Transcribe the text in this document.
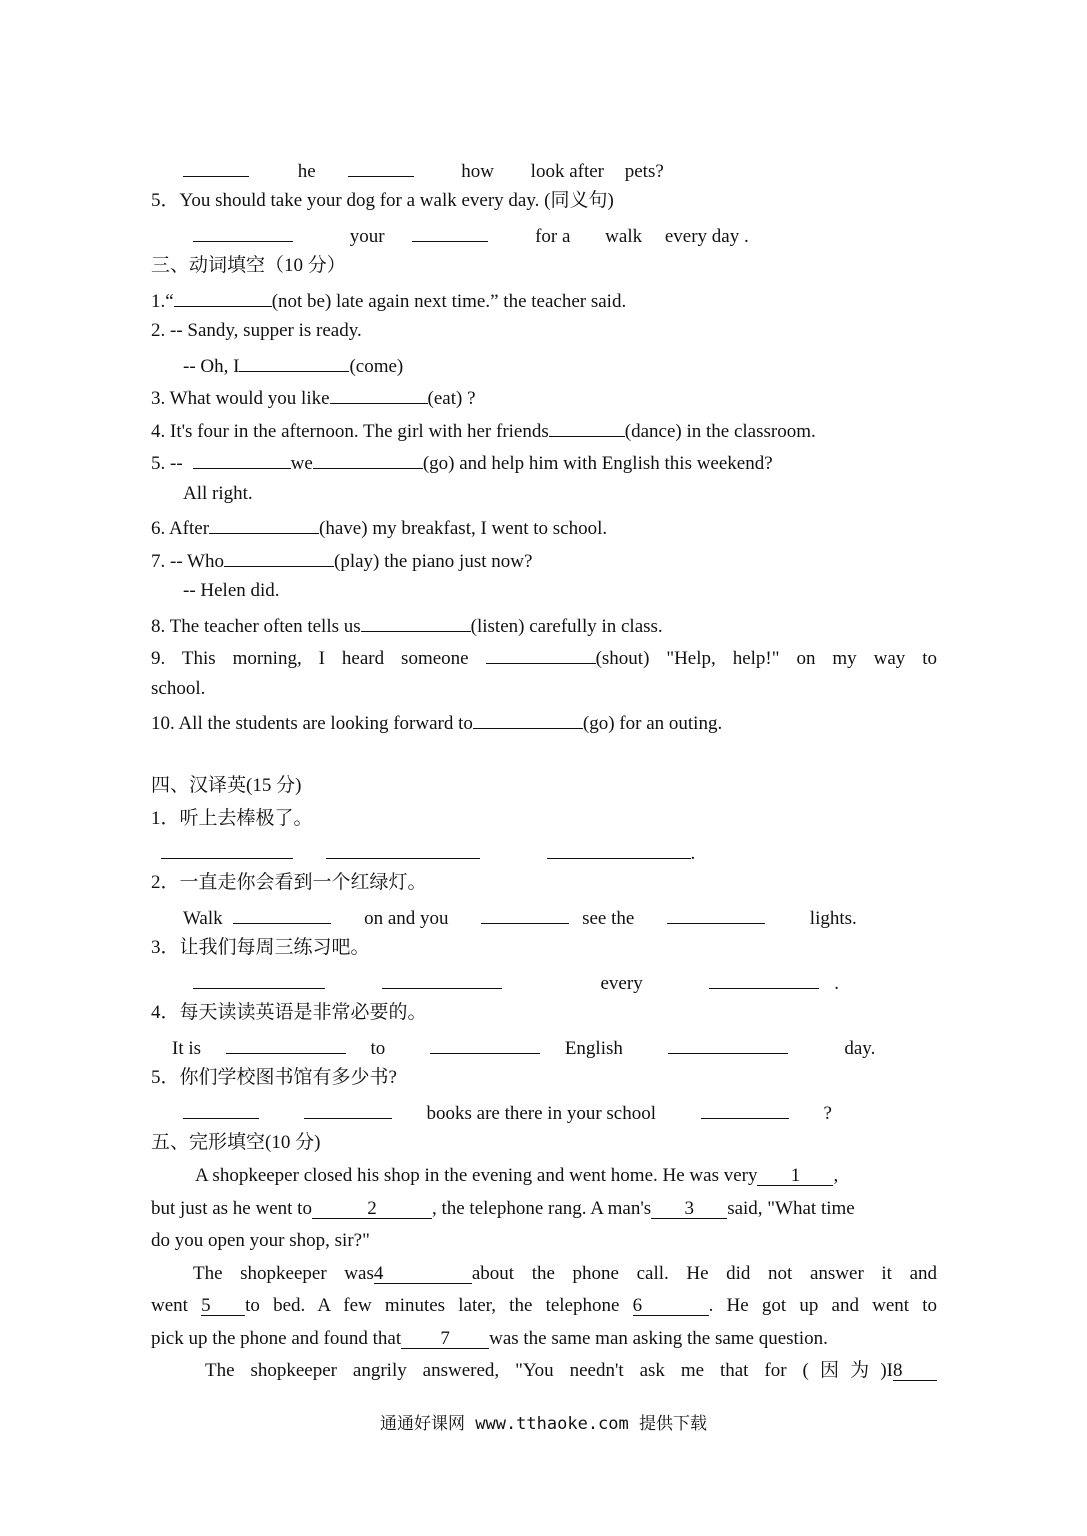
he	how look after pets?
5．You should take your dog for a walk every day. (同义句)
your	for a walk every day .
三、动词填空（10 分）
1.“	(not be) late again next time.” the teacher said.
2. -- Sandy, supper is ready.
-- Oh, I	(come)
3. What would you like	(eat) ?
4. It's four in the afternoon. The girl with her friends	(dance) in the classroom.
5. --	we	(go) and help him with English this weekend?
All right.
6. After	(have) my breakfast, I went to school.
7. -- Who	(play) the piano just now?
-- Helen did.
8. The teacher often tells us	(listen) carefully in class.
9. This morning, I heard someone	(shout) "Help, help!" on my way to
school.
10. All the students are looking forward to	(go) for an outing.
四、汉译英(15 分)
1．听上去棒极了。
.
2．一直走你会看到一个红绿灯。
Walk	on and you	see the	lights.
3．让我们每周三练习吧。
every	.
4．每天读读英语是非常必要的。
It is	to	English	day.
5．你们学校图书馆有多少书?
books are there in your school	?
五、完形填空(10 分)
A shopkeeper closed his shop in the evening and went home. He was very 1 ,
but just as he went to	2	, the telephone rang. A man's 3 said, "What time
do you open your shop, sir?"
The shopkeeper was4	about the phone call. He did not answer it and
went 5 to bed. A few minutes later, the telephone 6	. He got up and went to
pick up the phone and found that 7 was the same man asking the same question.
The shopkeeper angrily answered, "You needn't ask me that for (因为)I8
通通好课网 www.tthaoke.com 提供下载
